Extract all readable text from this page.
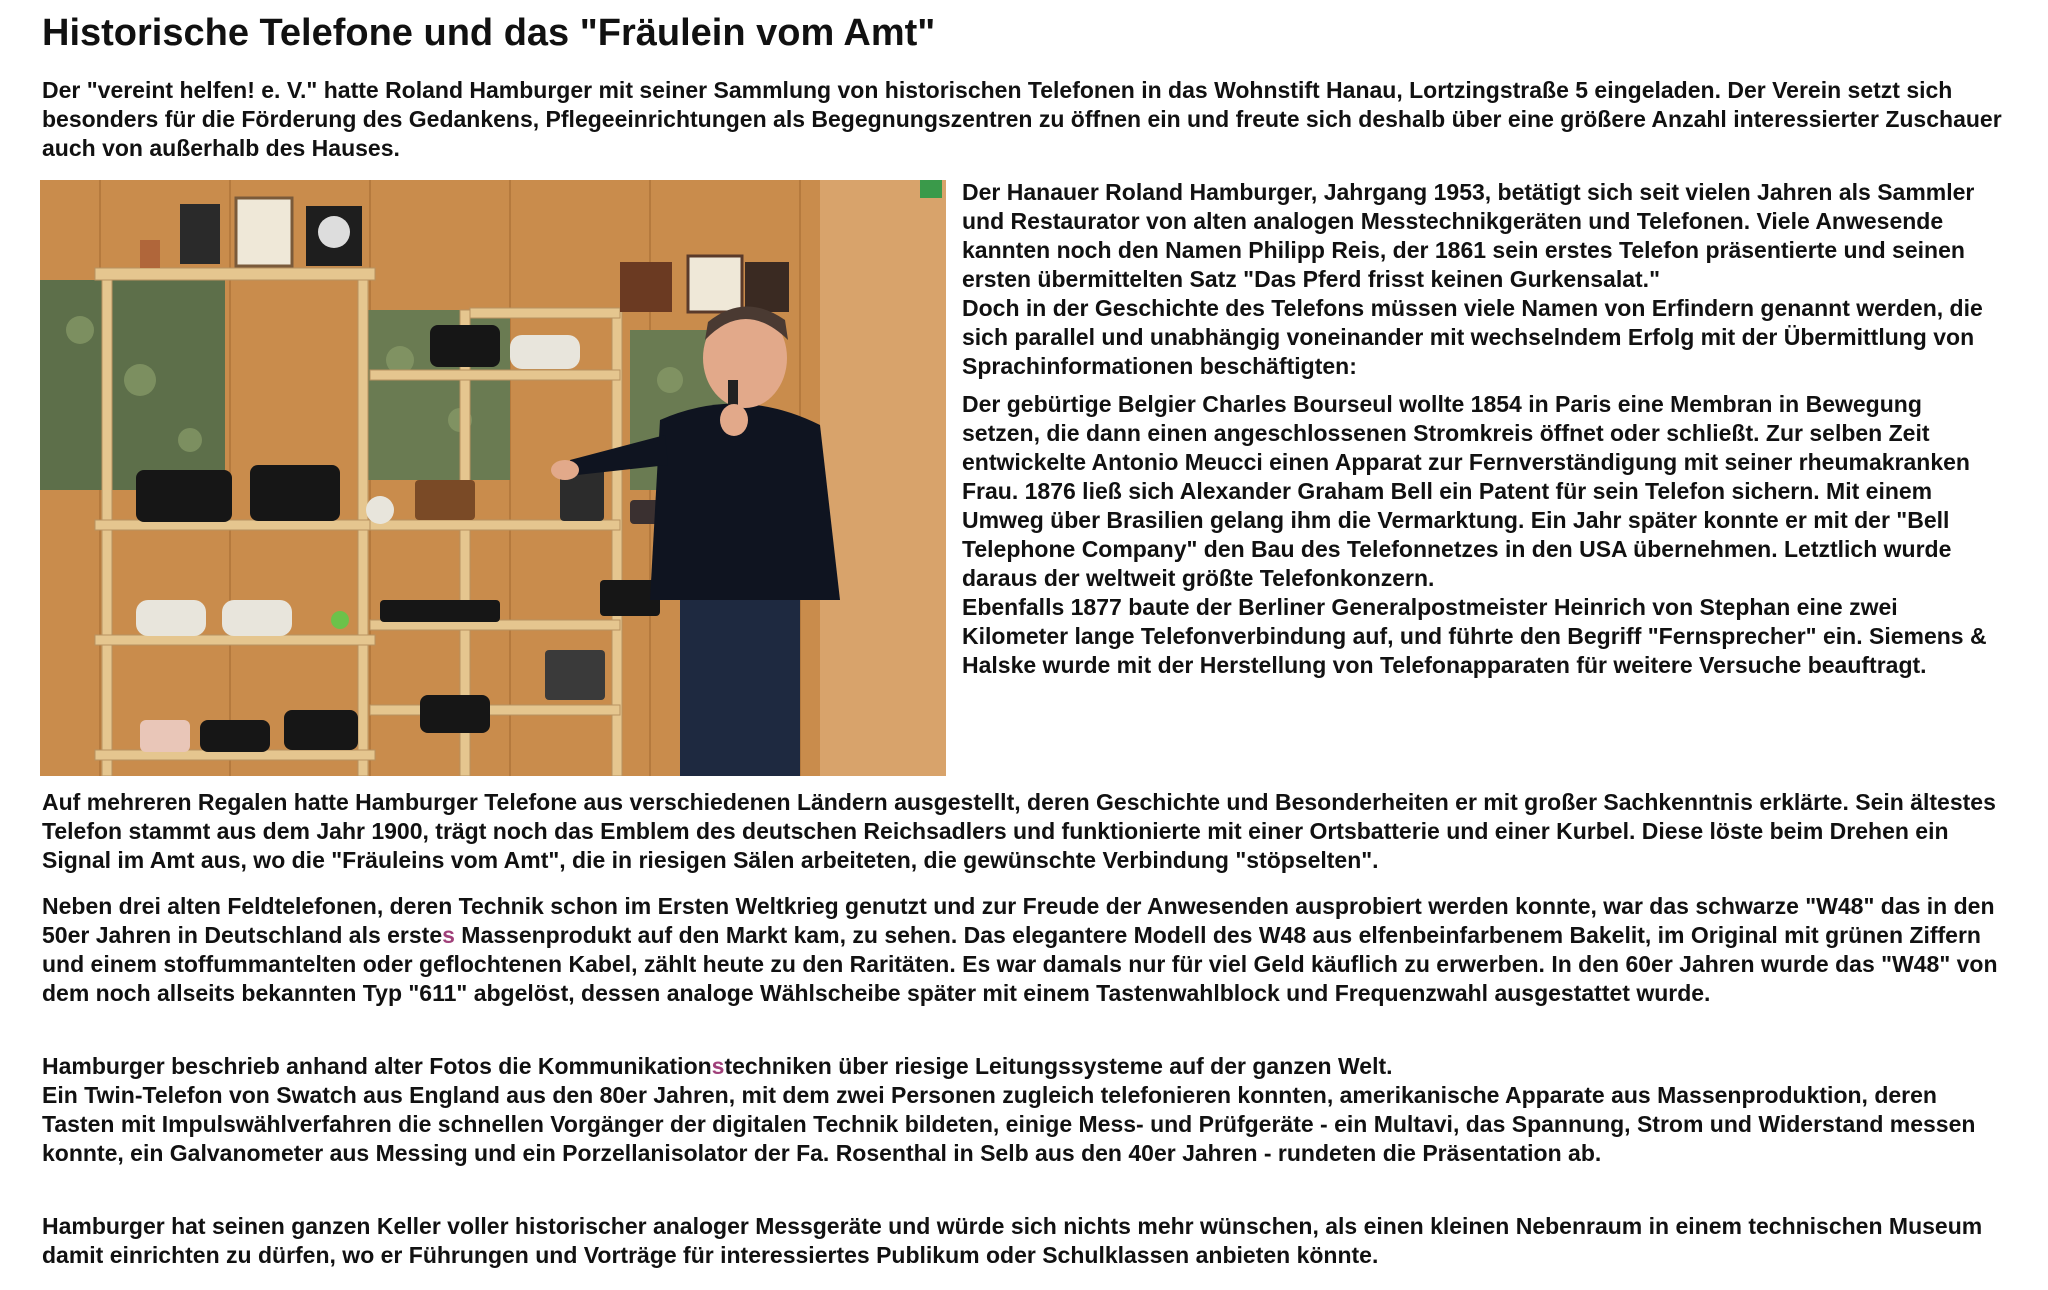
Historische Telefone und das "Fräulein vom Amt"
Der "vereint helfen! e. V." hatte Roland Hamburger mit seiner Sammlung von historischen Telefonen in das Wohnstift Hanau, Lortzingstraße 5 eingeladen. Der Verein setzt sich besonders für die Förderung des Gedankens, Pflegeeinrichtungen als Begegnungszentren zu öffnen ein und freute sich deshalb über eine größere Anzahl interessierter Zuschauer auch von außerhalb des Hauses.

Der Hanauer Roland Hamburger, Jahrgang 1953, betätigt sich seit vielen Jahren als Sammler und Restaurator von alten analogen Messtechnikgeräten und Telefonen. Viele Anwesende kannten noch den Namen Philipp Reis, der 1861 sein erstes Telefon präsentierte und seinen ersten übermittelten Satz "Das Pferd frisst keinen Gurkensalat."
Doch in der Geschichte des Telefons müssen viele Namen von Erfindern genannt werden, die sich parallel und unabhängig voneinander mit wechselndem Erfolg mit der Übermittlung von Sprachinformationen beschäftigten:

Der gebürtige Belgier Charles Bourseul wollte 1854 in Paris eine Membran in Bewegung setzen, die dann einen angeschlossenen Stromkreis öffnet oder schließt. Zur selben Zeit entwickelte Antonio Meucci einen Apparat zur Fernverständigung mit seiner rheumakranken Frau. 1876 ließ sich Alexander Graham Bell ein Patent für sein Telefon sichern. Mit einem Umweg über Brasilien gelang ihm die Vermarktung. Ein Jahr später konnte er mit der "Bell Telephone Company" den Bau des Telefonnetzes in den USA übernehmen. Letztlich wurde daraus der weltweit größte Telefonkonzern.
Ebenfalls 1877 baute der Berliner Generalpostmeister Heinrich von Stephan eine zwei Kilometer lange Telefonverbindung auf, und führte den Begriff "Fernsprecher" ein. Siemens & Halske wurde mit der Herstellung von Telefonapparaten für weitere Versuche beauftragt.

Auf mehreren Regalen hatte Hamburger Telefone aus verschiedenen Ländern ausgestellt, deren Geschichte und Besonderheiten er mit großer Sachkenntnis erklärte. Sein ältestes Telefon stammt aus dem Jahr 1900, trägt noch das Emblem des deutschen Reichsadlers und funktionierte mit einer Ortsbatterie und einer Kurbel. Diese löste beim Drehen ein Signal im Amt aus, wo die "Fräuleins vom Amt", die in riesigen Sälen arbeiteten, die gewünschte Verbindung "stöpselten".

Neben drei alten Feldtelefonen, deren Technik schon im Ersten Weltkrieg genutzt und zur Freude der Anwesenden ausprobiert werden konnte, war das schwarze "W48" das in den 50er Jahren in Deutschland als erstes Massenprodukt auf den Markt kam, zu sehen. Das elegantere Modell des W48 aus elfenbeinfarbenem Bakelit, im Original mit grünen Ziffern und einem stoffummantelten oder geflochtenen Kabel, zählt heute zu den Raritäten. Es war damals nur für viel Geld käuflich zu erwerben. In den 60er Jahren wurde das "W48" von dem noch allseits bekannten Typ "611" abgelöst, dessen analoge Wählscheibe später mit einem Tastenwahlblock und Frequenzwahl ausgestattet wurde.

Hamburger beschrieb anhand alter Fotos die Kommunikationstechniken über riesige Leitungssysteme auf der ganzen Welt.

Ein Twin-Telefon von Swatch aus England aus den 80er Jahren, mit dem zwei Personen zugleich telefonieren konnten, amerikanische Apparate aus Massenproduktion, deren Tasten mit Impulswählverfahren die schnellen Vorgänger der digitalen Technik bildeten, einige Mess- und Prüfgeräte - ein Multavi, das Spannung, Strom und Widerstand messen konnte, ein Galvanometer aus Messing und ein Porzellanisolator der Fa. Rosenthal in Selb aus den 40er Jahren - rundeten die Präsentation ab.

Hamburger hat seinen ganzen Keller voller historischer analoger Messgeräte und würde sich nichts mehr wünschen, als einen kleinen Nebenraum in einem technischen Museum damit einrichten zu dürfen, wo er Führungen und Vorträge für interessiertes Publikum oder Schulklassen anbieten könnte.
